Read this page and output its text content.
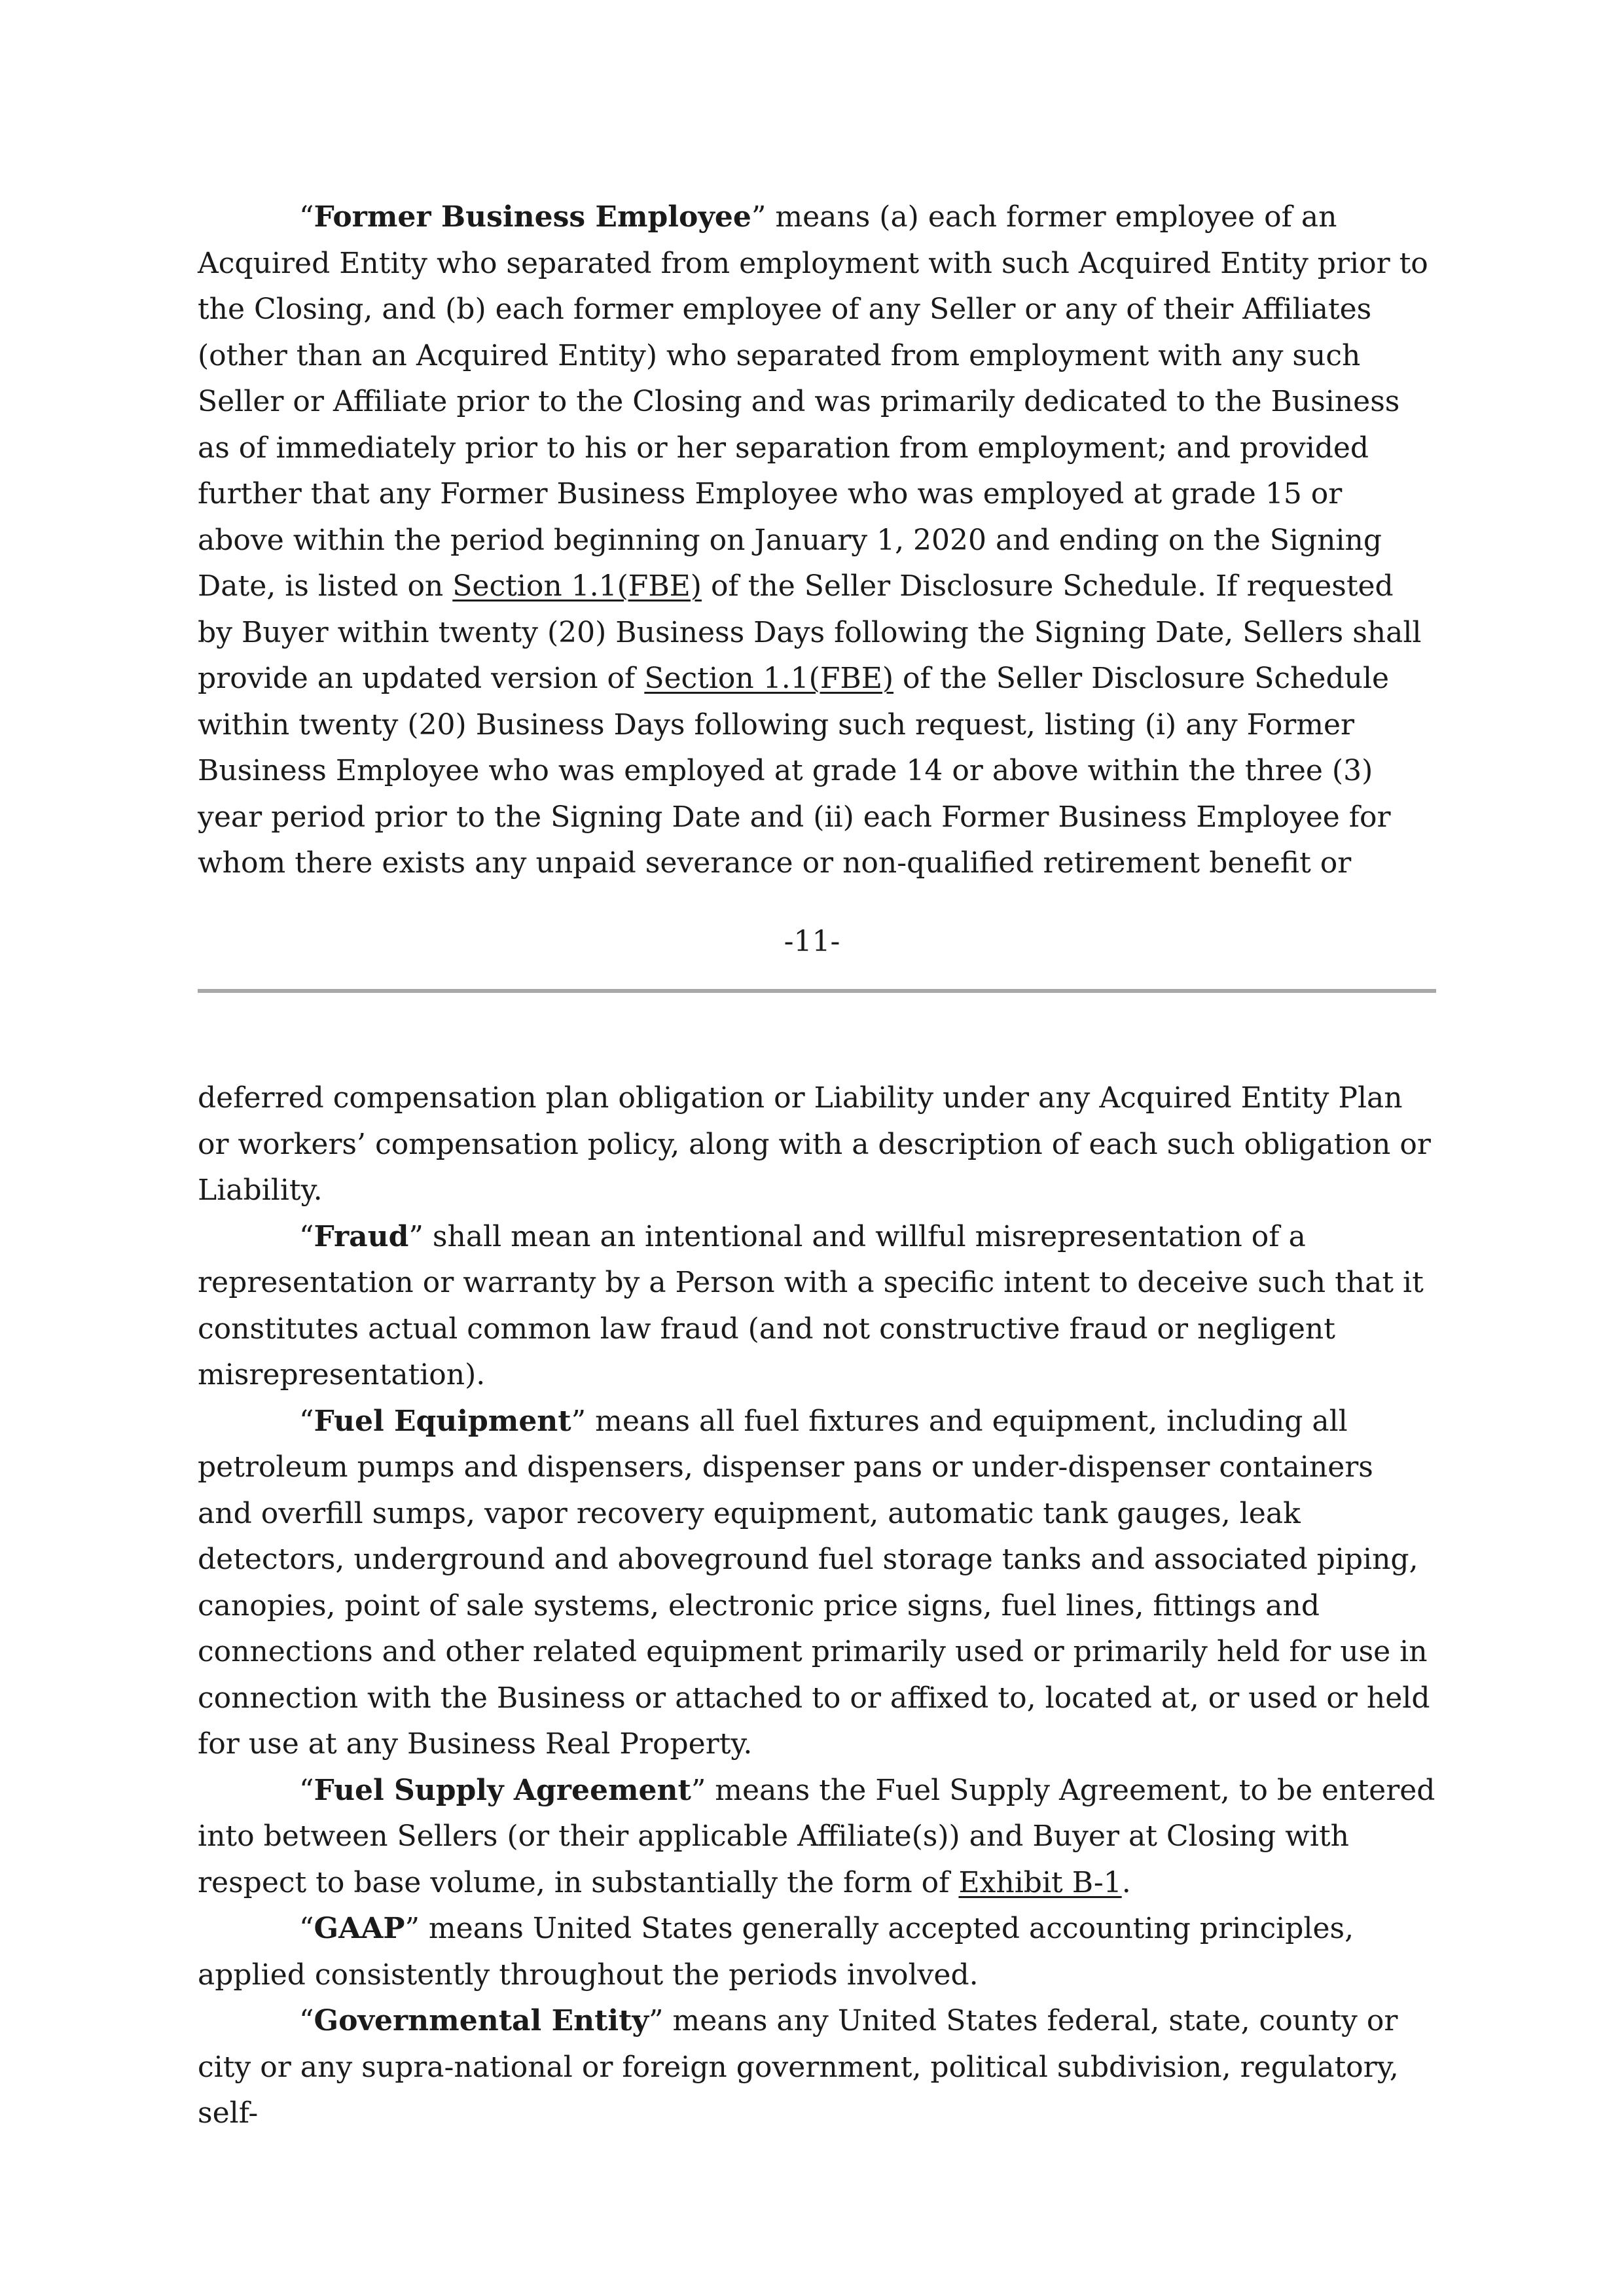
“Former Business Employee” means (a) each former employee of an Acquired Entity who separated from employment with such Acquired Entity prior to the Closing, and (b) each former employee of any Seller or any of their Affiliates (other than an Acquired Entity) who separated from employment with any such Seller or Affiliate prior to the Closing and was primarily dedicated to the Business as of immediately prior to his or her separation from employment; and provided further that any Former Business Employee who was employed at grade 15 or above within the period beginning on January 1, 2020 and ending on the Signing Date, is listed on Section 1.1(FBE) of the Seller Disclosure Schedule. If requested by Buyer within twenty (20) Business Days following the Signing Date, Sellers shall provide an updated version of Section 1.1(FBE) of the Seller Disclosure Schedule within twenty (20) Business Days following such request, listing (i) any Former Business Employee who was employed at grade 14 or above within the three (3) year period prior to the Signing Date and (ii) each Former Business Employee for whom there exists any unpaid severance or non-qualified retirement benefit or

-11-

deferred compensation plan obligation or Liability under any Acquired Entity Plan or workers’ compensation policy, along with a description of each such obligation or Liability.

“Fraud” shall mean an intentional and willful misrepresentation of a representation or warranty by a Person with a specific intent to deceive such that it constitutes actual common law fraud (and not constructive fraud or negligent misrepresentation).

“Fuel Equipment” means all fuel fixtures and equipment, including all petroleum pumps and dispensers, dispenser pans or under-dispenser containers and overfill sumps, vapor recovery equipment, automatic tank gauges, leak detectors, underground and aboveground fuel storage tanks and associated piping, canopies, point of sale systems, electronic price signs, fuel lines, fittings and connections and other related equipment primarily used or primarily held for use in connection with the Business or attached to or affixed to, located at, or used or held for use at any Business Real Property.

“Fuel Supply Agreement” means the Fuel Supply Agreement, to be entered into between Sellers (or their applicable Affiliate(s)) and Buyer at Closing with respect to base volume, in substantially the form of Exhibit B-1.

“GAAP” means United States generally accepted accounting principles, applied consistently throughout the periods involved.

“Governmental Entity” means any United States federal, state, county or city or any supra-national or foreign government, political subdivision, regulatory, self-
